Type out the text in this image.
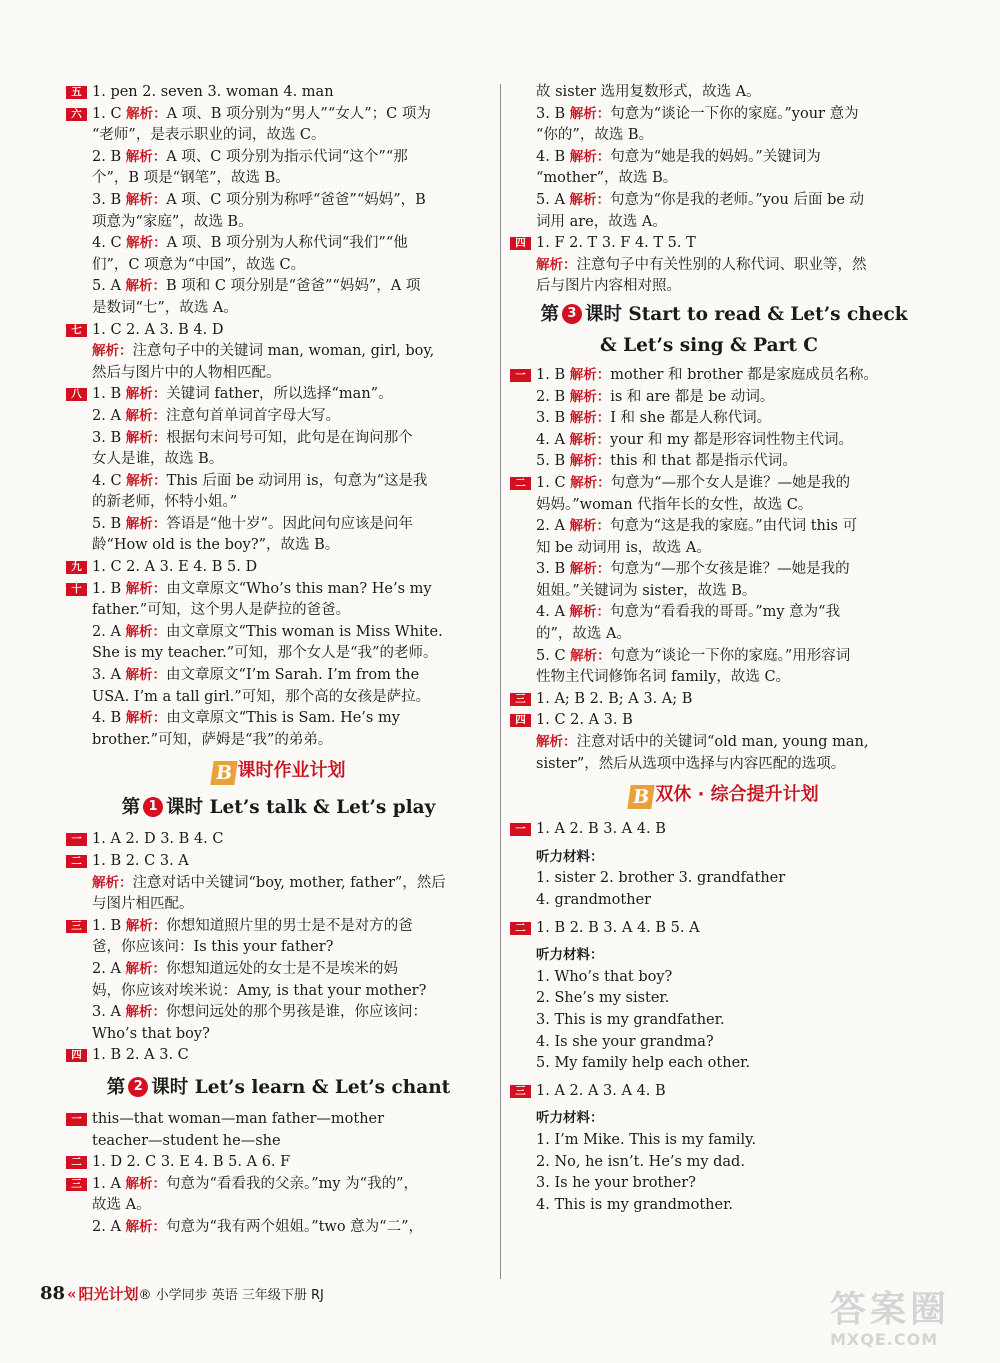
五 1. pen 2. seven 3. woman 4. man
六 1. C 解析：A 项、B 项分别为“男人”“女人”；C 项为
“老师”，是表示职业的词，故选 C。
2. B 解析：A 项、C 项分别为指示代词“这个”“那
个”，B 项是“钢笔”，故选 B。
3. B 解析：A 项、C 项分别为称呼“爸爸”“妈妈”，B
项意为“家庭”，故选 B。
4. C 解析：A 项、B 项分别为人称代词“我们”“他
们”，C 项意为“中国”，故选 C。
5. A 解析：B 项和 C 项分别是“爸爸”“妈妈”，A 项
是数词“七”，故选 A。
七 1. C 2. A 3. B 4. D
解析：注意句子中的关键词 man, woman, girl, boy,
然后与图片中的人物相匹配。
八 1. B 解析：关键词 father，所以选择“man”。
2. A 解析：注意句首单词首字母大写。
3. B 解析：根据句末问号可知，此句是在询问那个
女人是谁，故选 B。
4. C 解析：This 后面 be 动词用 is，句意为“这是我
的新老师，怀特小姐。”
5. B 解析：答语是“他十岁”。因此问句应该是问年
龄“How old is the boy?”，故选 B。
九 1. C 2. A 3. E 4. B 5. D
十 1. B 解析：由文章原文“Who’s this man? He’s my
father.”可知，这个男人是萨拉的爸爸。
2. A 解析：由文章原文“This woman is Miss White.
She is my teacher.”可知，那个女人是“我”的老师。
3. A 解析：由文章原文“I’m Sarah. I’m from the
USA. I’m a tall girl.”可知，那个高的女孩是萨拉。
4. B 解析：由文章原文“This is Sam. He’s my
brother.”可知，萨姆是“我”的弟弟。
B 课时作业计划
第 1 课时 Let’s talk & Let’s play
一 1. A 2. D 3. B 4. C
二 1. B 2. C 3. A
解析：注意对话中关键词“boy, mother, father”，然后
与图片相匹配。
三 1. B 解析：你想知道照片里的男士是不是对方的爸
爸，你应该问：Is this your father?
2. A 解析：你想知道远处的女士是不是埃米的妈
妈，你应该对埃米说：Amy, is that your mother?
3. A 解析：你想问远处的那个男孩是谁，你应该问：
Who’s that boy?
四 1. B 2. A 3. C
第 2 课时 Let’s learn & Let’s chant
一 this—that woman—man father—mother
teacher—student he—she
二 1. D 2. C 3. E 4. B 5. A 6. F
三 1. A 解析：句意为“看看我的父亲。”my 为“我的”，
故选 A。
2. A 解析：句意为“我有两个姐姐。”two 意为“二”，
故 sister 选用复数形式，故选 A。
3. B 解析：句意为“谈论一下你的家庭。”your 意为
“你的”，故选 B。
4. B 解析：句意为“她是我的妈妈。”关键词为
“mother”，故选 B。
5. A 解析：句意为“你是我的老师。”you 后面 be 动
词用 are，故选 A。
四 1. F 2. T 3. F 4. T 5. T
解析：注意句子中有关性别的人称代词、职业等，然
后与图片内容相对照。
第 3 课时 Start to read & Let’s check
& Let’s sing & Part C
一 1. B 解析：mother 和 brother 都是家庭成员名称。
2. B 解析：is 和 are 都是 be 动词。
3. B 解析：I 和 she 都是人称代词。
4. A 解析：your 和 my 都是形容词性物主代词。
5. B 解析：this 和 that 都是指示代词。
二 1. C 解析：句意为“—那个女人是谁？—她是我的
妈妈。”woman 代指年长的女性，故选 C。
2. A 解析：句意为“这是我的家庭。”由代词 this 可
知 be 动词用 is，故选 A。
3. B 解析：句意为“—那个女孩是谁？—她是我的
姐姐。”关键词为 sister，故选 B。
4. A 解析：句意为“看看我的哥哥。”my 意为“我
的”，故选 A。
5. C 解析：句意为“谈论一下你的家庭。”用形容词
性物主代词修饰名词 family，故选 C。
三 1. A; B 2. B; A 3. A; B
四 1. C 2. A 3. B
解析：注意对话中的关键词“old man, young man,
sister”，然后从选项中选择与内容匹配的选项。
B 双休 · 综合提升计划
一 1. A 2. B 3. A 4. B
听力材料：
1. sister 2. brother 3. grandfather
4. grandmother
二 1. B 2. B 3. A 4. B 5. A
听力材料：
1. Who’s that boy?
2. She’s my sister.
3. This is my grandfather.
4. Is she your grandma?
5. My family help each other.
三 1. A 2. A 3. A 4. B
听力材料：
1. I’m Mike. This is my family.
2. No, he isn’t. He’s my dad.
3. Is he your brother?
4. This is my grandmother.
88 « 阳光计划® 小学同步 英语 三年级下册 RJ	答案圈
MXQE.COM
